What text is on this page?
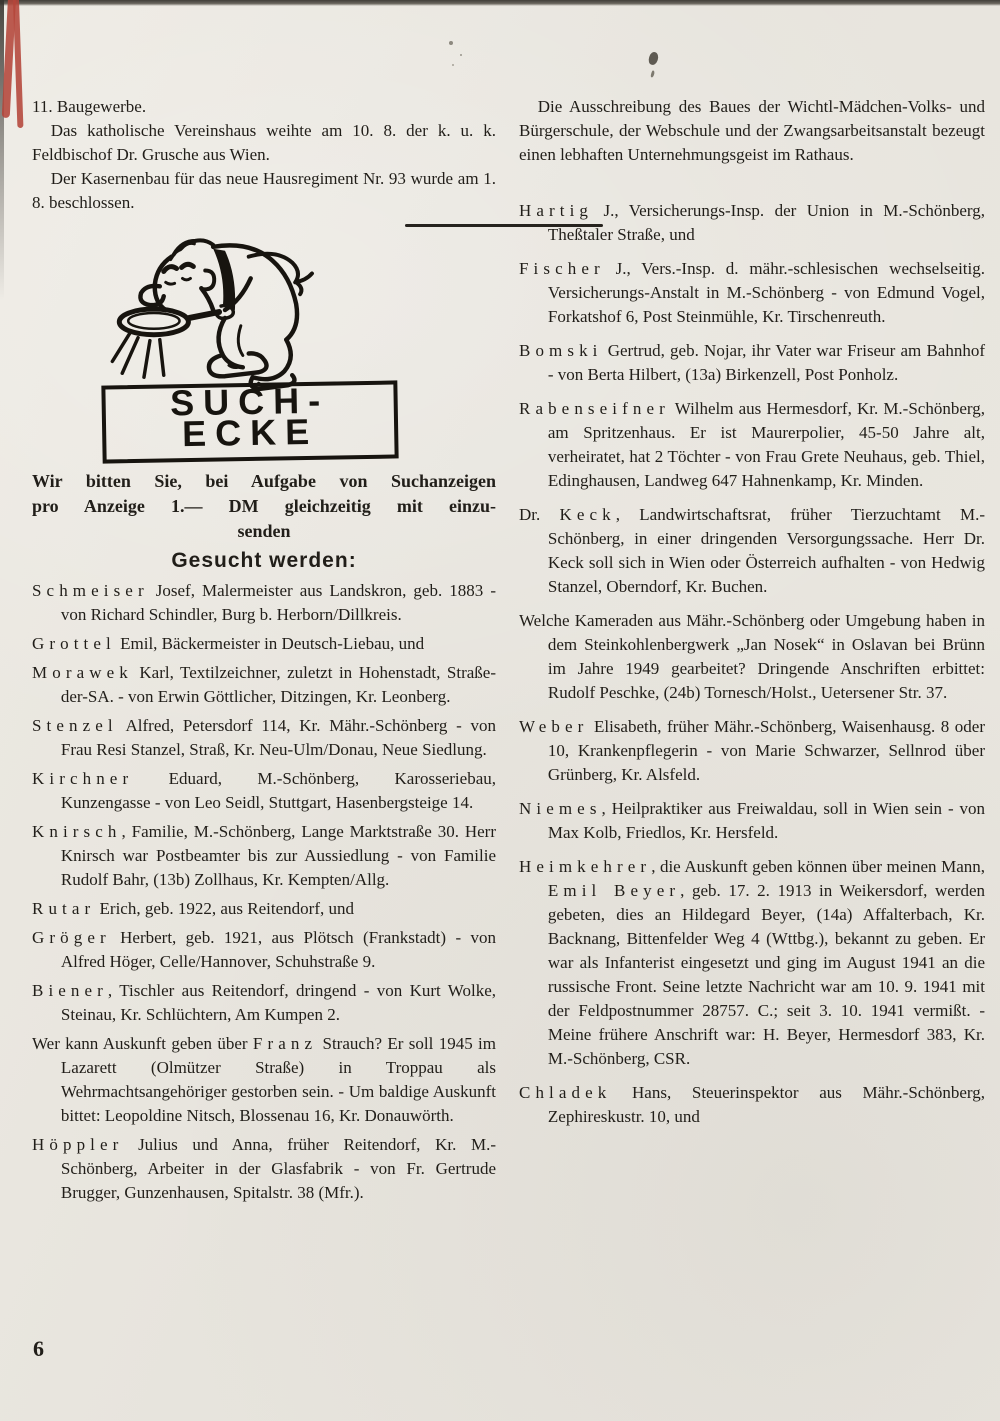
11. Baugewerbe.

Das katholische Vereinshaus weihte am 10. 8. der k. u. k. Feldbischof Dr. Grusche aus Wien.

Der Kasernenbau für das neue Hausregiment Nr. 93 wurde am 1. 8. beschlossen.

SUCH-ECKE
Wir bitten Sie, bei Aufgabe von Suchanzeigen
pro Anzeige 1.— DM gleichzeitig mit einzu-
senden
Gesucht werden:

Schmeiser Josef, Malermeister aus Landskron, geb. 1883 - von Richard Schindler, Burg b. Herborn/Dillkreis.

Grottel Emil, Bäckermeister in Deutsch-Liebau, und

Morawek Karl, Textilzeichner, zuletzt in Hohenstadt, Straße-der-SA. - von Erwin Göttlicher, Ditzingen, Kr. Leonberg.

Stenzel Alfred, Petersdorf 114, Kr. Mähr.-Schönberg - von Frau Resi Stanzel, Straß, Kr. Neu-Ulm/Donau, Neue Siedlung.

Kirchner Eduard, M.-Schönberg, Karosseriebau, Kunzengasse - von Leo Seidl, Stuttgart, Hasenbergsteige 14.

Knirsch, Familie, M.-Schönberg, Lange Marktstraße 30. Herr Knirsch war Postbeamter bis zur Aussiedlung - von Familie Rudolf Bahr, (13b) Zollhaus, Kr. Kempten/Allg.

Rutar Erich, geb. 1922, aus Reitendorf, und

Gröger Herbert, geb. 1921, aus Plötsch (Frankstadt) - von Alfred Höger, Celle/Hannover, Schuhstraße 9.

Biener, Tischler aus Reitendorf, dringend - von Kurt Wolke, Steinau, Kr. Schlüchtern, Am Kumpen 2.

Wer kann Auskunft geben über Franz Strauch? Er soll 1945 im Lazarett (Olmützer Straße) in Troppau als Wehrmachtsangehöriger gestorben sein. - Um baldige Auskunft bittet: Leopoldine Nitsch, Blossenau 16, Kr. Donauwörth.

Höppler Julius und Anna, früher Reitendorf, Kr. M.-Schönberg, Arbeiter in der Glasfabrik - von Fr. Gertrude Brugger, Gunzenhausen, Spitalstr. 38 (Mfr.).

Die Ausschreibung des Baues der Wichtl-Mädchen-Volks- und Bürgerschule, der Webschule und der Zwangsarbeitsanstalt bezeugt einen lebhaften Unternehmungsgeist im Rathaus.

Hartig J., Versicherungs-Insp. der Union in M.-Schönberg, Theßtaler Straße, und

Fischer J., Vers.-Insp. d. mähr.-schlesischen wechselseitig. Versicherungs-Anstalt in M.-Schönberg - von Edmund Vogel, Forkatshof 6, Post Steinmühle, Kr. Tirschenreuth.

Bomski Gertrud, geb. Nojar, ihr Vater war Friseur am Bahnhof - von Berta Hilbert, (13a) Birkenzell, Post Ponholz.

Rabenseifner Wilhelm aus Hermesdorf, Kr. M.-Schönberg, am Spritzenhaus. Er ist Maurerpolier, 45-50 Jahre alt, verheiratet, hat 2 Töchter - von Frau Grete Neuhaus, geb. Thiel, Edinghausen, Landweg 647 Hahnenkamp, Kr. Minden.

Dr. Keck, Landwirtschaftsrat, früher Tierzuchtamt M.-Schönberg, in einer dringenden Versorgungssache. Herr Dr. Keck soll sich in Wien oder Österreich aufhalten - von Hedwig Stanzel, Oberndorf, Kr. Buchen.

Welche Kameraden aus Mähr.-Schönberg oder Umgebung haben in dem Steinkohlenbergwerk „Jan Nosek“ in Oslavan bei Brünn im Jahre 1949 gearbeitet? Dringende Anschriften erbittet: Rudolf Peschke, (24b) Tornesch/Holst., Uetersener Str. 37.

Weber Elisabeth, früher Mähr.-Schönberg, Waisenhausg. 8 oder 10, Krankenpflegerin - von Marie Schwarzer, Sellnrod über Grünberg, Kr. Alsfeld.

Niemes, Heilpraktiker aus Freiwaldau, soll in Wien sein - von Max Kolb, Friedlos, Kr. Hersfeld.

Heimkehrer, die Auskunft geben können über meinen Mann, Emil Beyer, geb. 17. 2. 1913 in Weikersdorf, werden gebeten, dies an Hildegard Beyer, (14a) Affalterbach, Kr. Backnang, Bittenfelder Weg 4 (Wttbg.), bekannt zu geben. Er war als Infanterist eingesetzt und ging im August 1941 an die russische Front. Seine letzte Nachricht war am 10. 9. 1941 mit der Feldpostnummer 28757. C.; seit 3. 10. 1941 vermißt. - Meine frühere Anschrift war: H. Beyer, Hermesdorf 383, Kr. M.-Schönberg, CSR.

Chladek Hans, Steuerinspektor aus Mähr.-Schönberg, Zephireskustr. 10, und

6
